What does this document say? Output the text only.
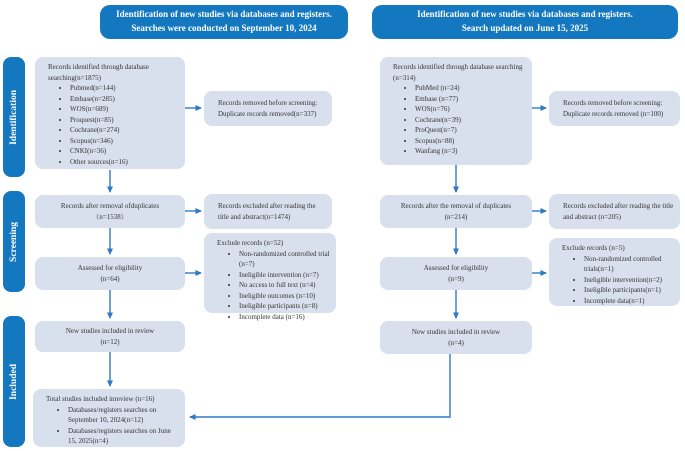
Identification of new studies via databases and registers.
Searches were conducted on September 10, 2024
Identification of new studies via databases and registers.
Search updated on June 15, 2025
Identification
Screening
Included
Records identified through database searching(n=1875)
• Pubmed(n=144)
• Embase(n=285)
• WOS(n=689)
• Proquest(n=85)
• Cochrane(n=274)
• Scopus(n=346)
• CNKI(n=36)
• Other sources(n=16)
Records removed before screening:
Duplicate records removed(n=337)
Records after removal ofduplicates
（n=1538）
Records excluded after reading the title and abstract(n=1474)
Exclude records (n=52)
• Non-randomized controlled trial (n=7)
• Ineligible intervention (n=7)
• No access to full text (n=4)
• Ineligible outcomes (n=10)
• Ineligible participants (n=8)
• Incomplete data (n=16)
Assessed for eligibility
(n=64)
New studies included in review
(n=12)
Total studies included inreview (n=16)
• Databases/registers searches on September 10, 2024(n=12)
• Databases/registers searches on June 15, 2025(n=4)
Records identified through database searching (n=314)
• PubMed (n=24)
• Embase (n=77)
• WOS(n=76)
• Cochrane(n=39)
• ProQuest(n=7)
• Scopus(n=88)
• Wanfang (n=3)
Records removed before screening:
Duplicate records removed (n=100)
Records after the removal of duplicates
(n=214)
Records excluded after reading the title and abstract (n=205)
Exclude records (n=5)
• Non-randomized controlled trials(n=1)
• Ineligible intervention(n=2)
• Ineligible participants(n=1)
• Incomplete data(n=1)
Assessed for eligibility
(n=9)
New studies included in review
(n=4)
